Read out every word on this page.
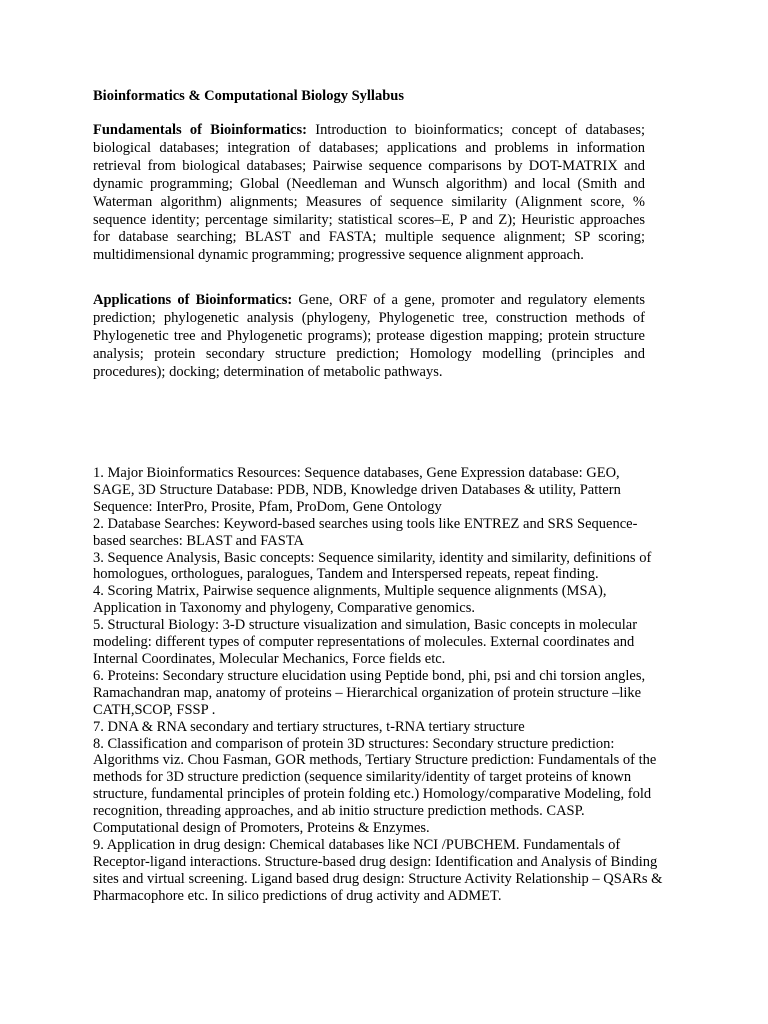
Bioinformatics & Computational Biology Syllabus

Fundamentals of Bioinformatics: Introduction to bioinformatics; concept of databases; biological databases; integration of databases; applications and problems in information retrieval from biological databases; Pairwise sequence comparisons by DOT-MATRIX and dynamic programming; Global (Needleman and Wunsch algorithm) and local (Smith and Waterman algorithm) alignments; Measures of sequence similarity (Alignment score, % sequence identity; percentage similarity; statistical scores–E, P and Z); Heuristic approaches for database searching; BLAST and FASTA; multiple sequence alignment; SP scoring; multidimensional dynamic programming; progressive sequence alignment approach.

Applications of Bioinformatics: Gene, ORF of a gene, promoter and regulatory elements prediction; phylogenetic analysis (phylogeny, Phylogenetic tree, construction methods of Phylogenetic tree and Phylogenetic programs); protease digestion mapping; protein structure analysis; protein secondary structure prediction; Homology modelling (principles and procedures); docking; determination of metabolic pathways.

1. Major Bioinformatics Resources: Sequence databases, Gene Expression database: GEO, SAGE, 3D Structure Database: PDB, NDB, Knowledge driven Databases & utility, Pattern Sequence: InterPro, Prosite, Pfam, ProDom, Gene Ontology
2. Database Searches: Keyword-based searches using tools like ENTREZ and SRS Sequence-based searches: BLAST and FASTA
3. Sequence Analysis, Basic concepts: Sequence similarity, identity and similarity, definitions of homologues, orthologues, paralogues, Tandem and Interspersed repeats, repeat finding.
4. Scoring Matrix, Pairwise sequence alignments, Multiple sequence alignments (MSA), Application in Taxonomy and phylogeny, Comparative genomics.
5. Structural Biology: 3-D structure visualization and simulation, Basic concepts in molecular modeling: different types of computer representations of molecules. External coordinates and Internal Coordinates, Molecular Mechanics, Force fields etc.
6. Proteins: Secondary structure elucidation using Peptide bond, phi, psi and chi torsion angles, Ramachandran map, anatomy of proteins – Hierarchical organization of protein structure –like CATH,SCOP, FSSP .
7. DNA & RNA secondary and tertiary structures, t-RNA tertiary structure
8. Classification and comparison of protein 3D structures: Secondary structure prediction: Algorithms viz. Chou Fasman, GOR methods, Tertiary Structure prediction: Fundamentals of the methods for 3D structure prediction (sequence similarity/identity of target proteins of known structure, fundamental principles of protein folding etc.) Homology/comparative Modeling, fold recognition, threading approaches, and ab initio structure prediction methods. CASP. Computational design of Promoters, Proteins & Enzymes.
9. Application in drug design: Chemical databases like NCI /PUBCHEM. Fundamentals of Receptor-ligand interactions. Structure-based drug design: Identification and Analysis of Binding sites and virtual screening. Ligand based drug design: Structure Activity Relationship – QSARs & Pharmacophore etc. In silico predictions of drug activity and ADMET.
